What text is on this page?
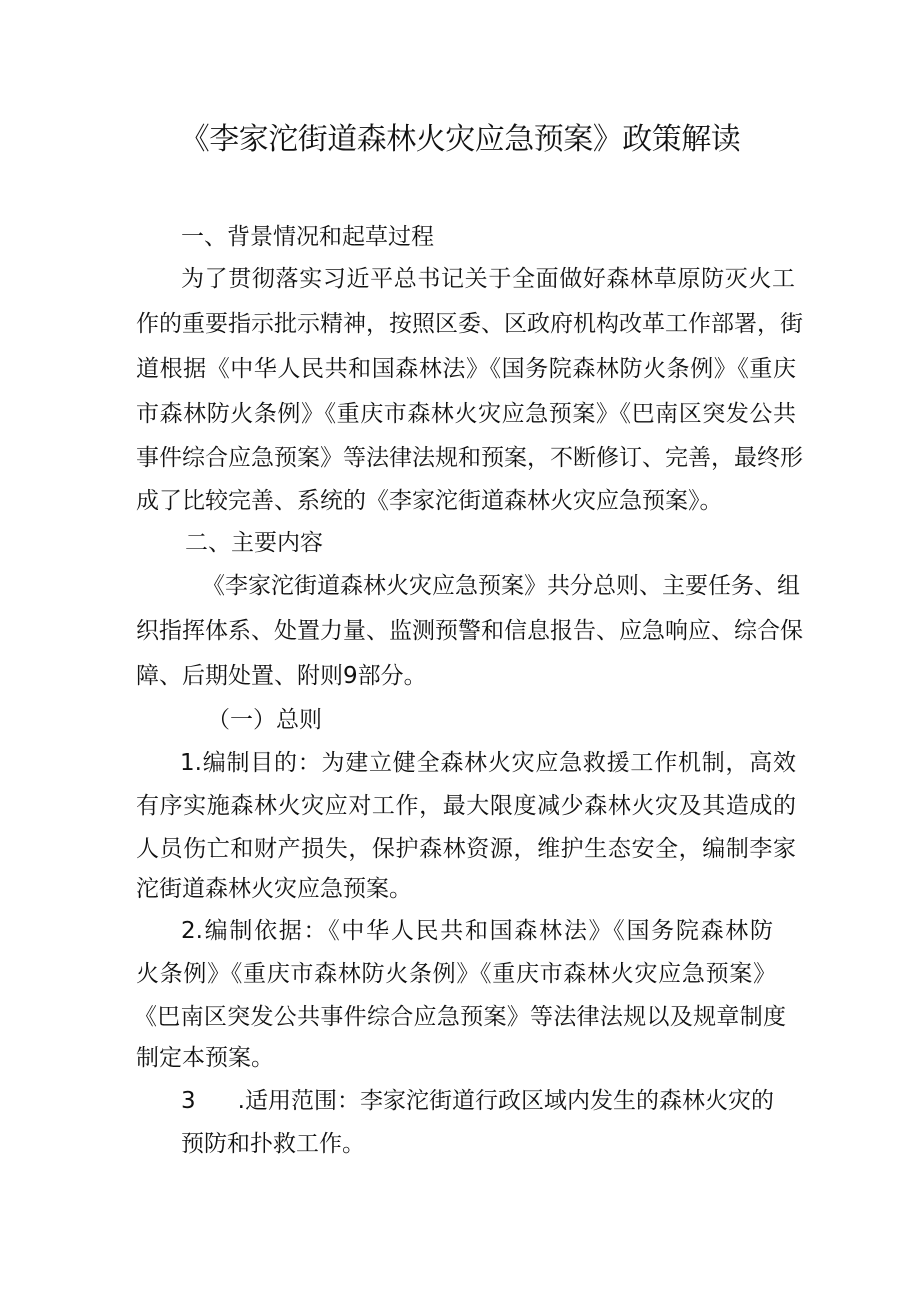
《李家沱街道森林火灾应急预案》政策解读
一、背景情况和起草过程
为了贯彻落实习近平总书记关于全面做好森林草原防灭火工
作的重要指示批示精神，按照区委、区政府机构改革工作部署，街
道根据《中华人民共和国森林法》《国务院森林防火条例》《重庆
市森林防火条例》《重庆市森林火灾应急预案》《巴南区突发公共
事件综合应急预案》等法律法规和预案，不断修订、完善，最终形
成了比较完善、系统的《李家沱街道森林火灾应急预案》。
二、主要内容
《李家沱街道森林火灾应急预案》共分总则、主要任务、组
织指挥体系、处置力量、监测预警和信息报告、应急响应、综合保
障、后期处置、附则9部分。
（一）总则
1.编制目的：为建立健全森林火灾应急救援工作机制，高效
有序实施森林火灾应对工作，最大限度减少森林火灾及其造成的
人员伤亡和财产损失，保护森林资源，维护生态安全，编制李家
沱街道森林火灾应急预案。
2.编制依据：《中华人民共和国森林法》《国务院森林防
火条例》《重庆市森林防火条例》《重庆市森林火灾应急预案》
《巴南区突发公共事件综合应急预案》等法律法规以及规章制度
制定本预案。
3 .适用范围：李家沱街道行政区域内发生的森林火灾的
预防和扑救工作。
